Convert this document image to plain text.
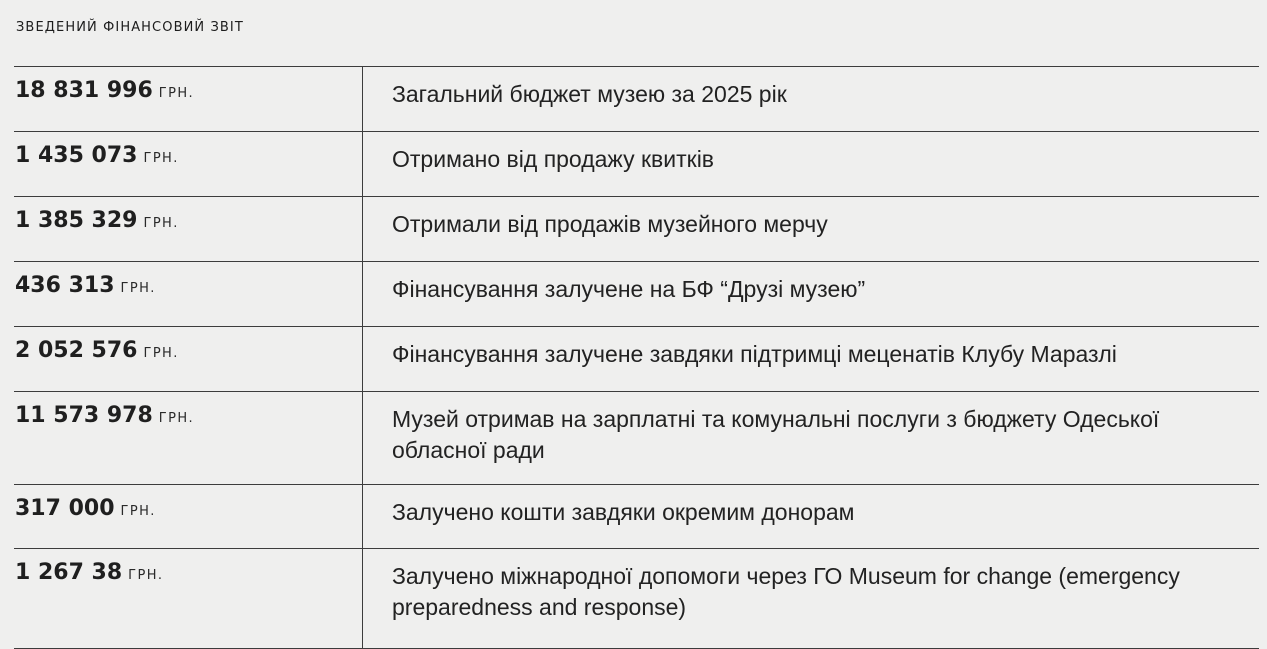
ЗВЕДЕНИЙ ФІНАНСОВИЙ ЗВІТ
18 831 996 ГРН.	Загальний бюджет музею за 2025 рік

1 435 073 ГРН.	Отримано від продажу квитків

1 385 329 ГРН.	Отримали від продажів музейного мерчу

436 313 ГРН.	Фінансування залучене на БФ “Друзі музею”

2 052 576 ГРН.	Фінансування залучене завдяки підтримці меценатів Клубу Маразлі

11 573 978 ГРН.	Музей отримав на зарплатні та комунальні послуги з бюджету Одеської обласної ради

317 000 ГРН.	Залучено кошти завдяки окремим донорам

1 267 38 ГРН.	Залучено міжнародної допомоги через ГО Museum for change (emergency preparedness and response)
